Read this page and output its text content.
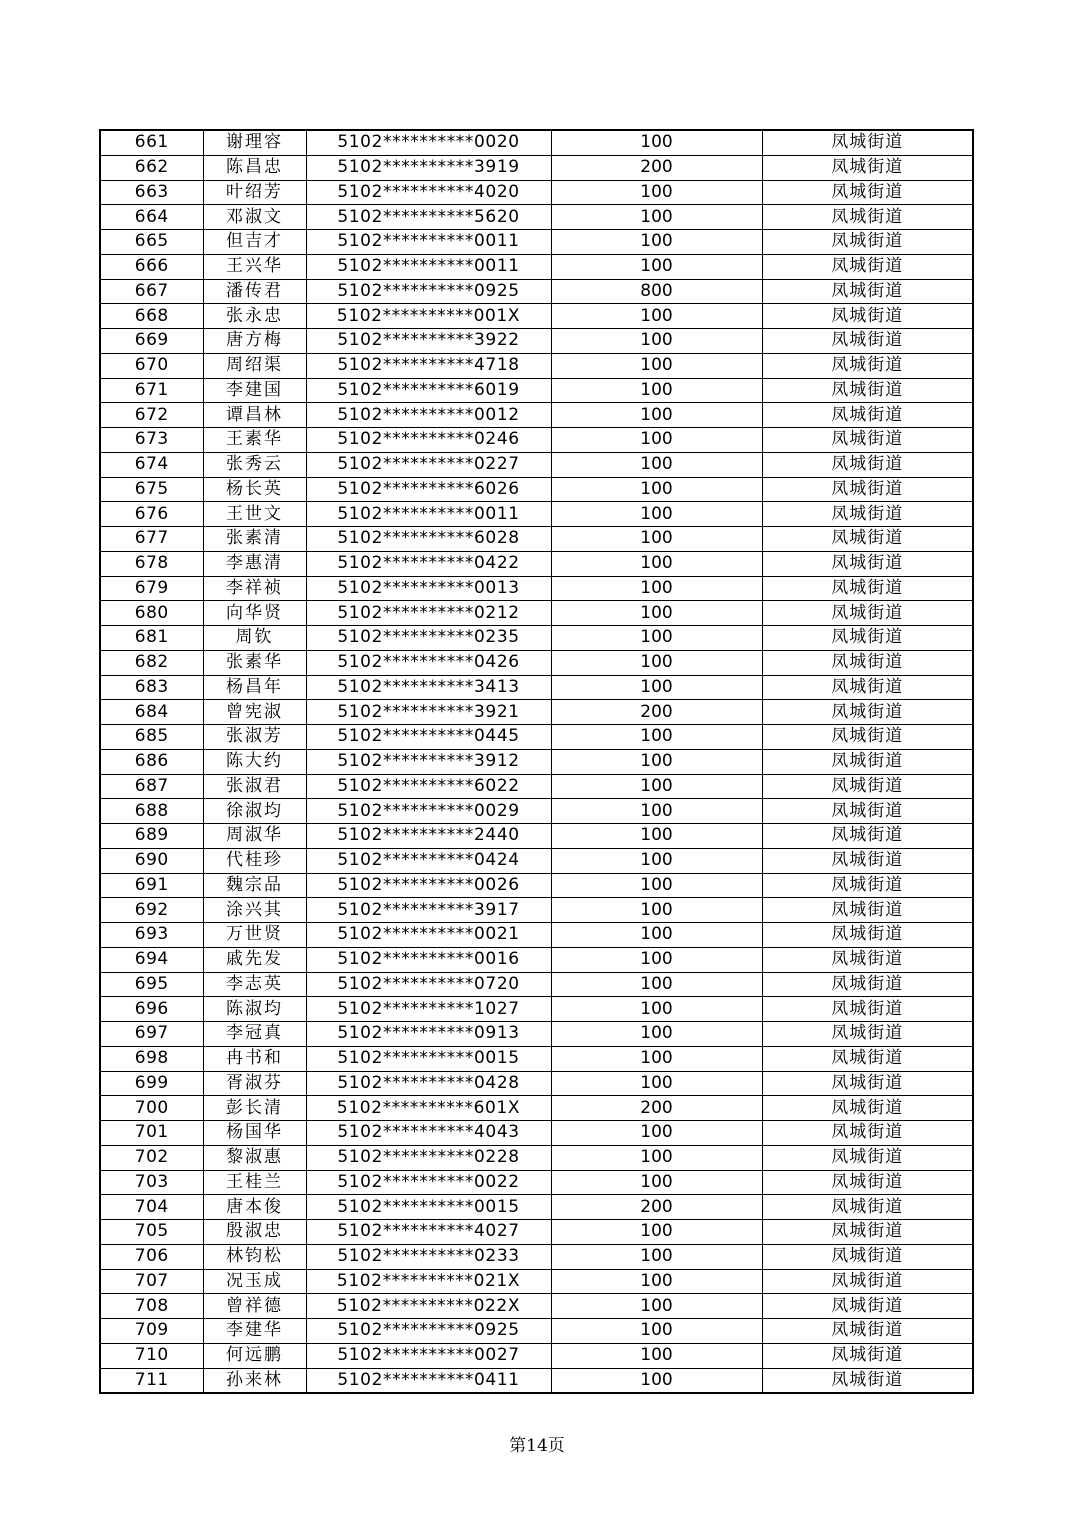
661	谢理容	5102**********0020	100	凤城街道
662	陈昌忠	5102**********3919	200	凤城街道
663	叶绍芳	5102**********4020	100	凤城街道
664	邓淑文	5102**********5620	100	凤城街道
665	但吉才	5102**********0011	100	凤城街道
666	王兴华	5102**********0011	100	凤城街道
667	潘传君	5102**********0925	800	凤城街道
668	张永忠	5102**********001X	100	凤城街道
669	唐方梅	5102**********3922	100	凤城街道
670	周绍渠	5102**********4718	100	凤城街道
671	李建国	5102**********6019	100	凤城街道
672	谭昌林	5102**********0012	100	凤城街道
673	王素华	5102**********0246	100	凤城街道
674	张秀云	5102**********0227	100	凤城街道
675	杨长英	5102**********6026	100	凤城街道
676	王世文	5102**********0011	100	凤城街道
677	张素清	5102**********6028	100	凤城街道
678	李惠清	5102**********0422	100	凤城街道
679	李祥祯	5102**********0013	100	凤城街道
680	向华贤	5102**********0212	100	凤城街道
681	周钦	5102**********0235	100	凤城街道
682	张素华	5102**********0426	100	凤城街道
683	杨昌年	5102**********3413	100	凤城街道
684	曾宪淑	5102**********3921	200	凤城街道
685	张淑芳	5102**********0445	100	凤城街道
686	陈大约	5102**********3912	100	凤城街道
687	张淑君	5102**********6022	100	凤城街道
688	徐淑均	5102**********0029	100	凤城街道
689	周淑华	5102**********2440	100	凤城街道
690	代桂珍	5102**********0424	100	凤城街道
691	魏宗品	5102**********0026	100	凤城街道
692	涂兴其	5102**********3917	100	凤城街道
693	万世贤	5102**********0021	100	凤城街道
694	戚先发	5102**********0016	100	凤城街道
695	李志英	5102**********0720	100	凤城街道
696	陈淑均	5102**********1027	100	凤城街道
697	李冠真	5102**********0913	100	凤城街道
698	冉书和	5102**********0015	100	凤城街道
699	胥淑芬	5102**********0428	100	凤城街道
700	彭长清	5102**********601X	200	凤城街道
701	杨国华	5102**********4043	100	凤城街道
702	黎淑惠	5102**********0228	100	凤城街道
703	王桂兰	5102**********0022	100	凤城街道
704	唐本俊	5102**********0015	200	凤城街道
705	殷淑忠	5102**********4027	100	凤城街道
706	林钧松	5102**********0233	100	凤城街道
707	况玉成	5102**********021X	100	凤城街道
708	曾祥德	5102**********022X	100	凤城街道
709	李建华	5102**********0925	100	凤城街道
710	何远鹏	5102**********0027	100	凤城街道
711	孙来林	5102**********0411	100	凤城街道
第14页
